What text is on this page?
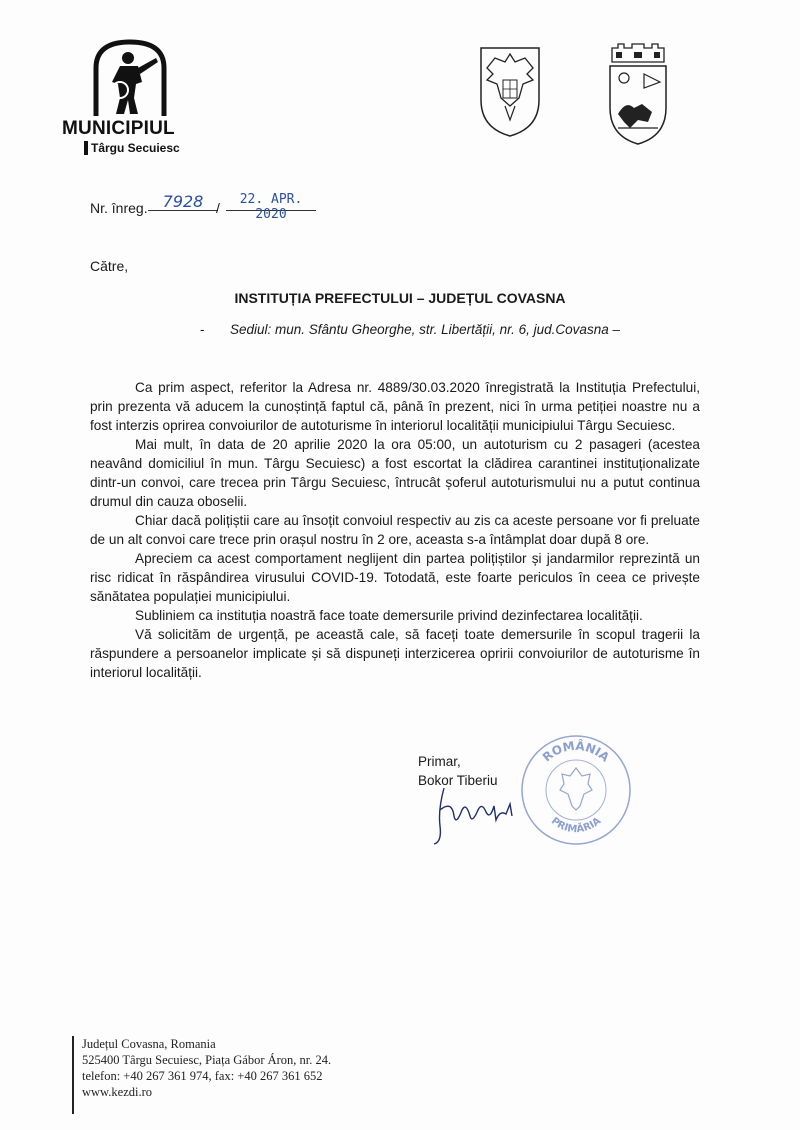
MUNICIPIUL
Târgu Secuiesc
Nr. înreg. 7928 /
22. APR. 2020
Către,
INSTITUȚIA PREFECTULUI – JUDEȚUL COVASNA
- Sediul: mun. Sfântu Gheorghe, str. Libertății, nr. 6, jud.Covasna –

Ca prim aspect, referitor la Adresa nr. 4889/30.03.2020 înregistrată la Instituția Prefectului, prin prezenta vă aducem la cunoștință faptul că, până în prezent, nici în urma petiției noastre nu a fost interzis oprirea convoiurilor de autoturisme în interiorul localității municipiului Târgu Secuiesc.

Mai mult, în data de 20 aprilie 2020 la ora 05:00, un autoturism cu 2 pasageri (acestea neavând domiciliul în mun. Târgu Secuiesc) a fost escortat la clădirea carantinei instituționalizate dintr-un convoi, care trecea prin Târgu Secuiesc, întrucât șoferul autoturismului nu a putut continua drumul din cauza oboselii.

Chiar dacă polițiștii care au însoțit convoiul respectiv au zis ca aceste persoane vor fi preluate de un alt convoi care trece prin orașul nostru în 2 ore, aceasta s-a întâmplat doar după 8 ore.

Apreciem ca acest comportament neglijent din partea polițiștilor și jandarmilor reprezintă un risc ridicat în răspândirea virusului COVID-19. Totodată, este foarte periculos în ceea ce privește sănătatea populației municipiului.

Subliniem ca instituția noastră face toate demersurile privind dezinfectarea localității.

Vă solicităm de urgență, pe această cale, să faceți toate demersurile în scopul tragerii la răspundere a persoanelor implicate și să dispuneți interzicerea opririi convoiurilor de autoturisme în interiorul localității.

ROMÂNIA
PRIMĂRIA
Primar,
Bokor Tiberiu
Județul Covasna, Romania
525400 Târgu Secuiesc, Piața Gábor Áron, nr. 24.
telefon: +40 267 361 974, fax: +40 267 361 652
www.kezdi.ro
